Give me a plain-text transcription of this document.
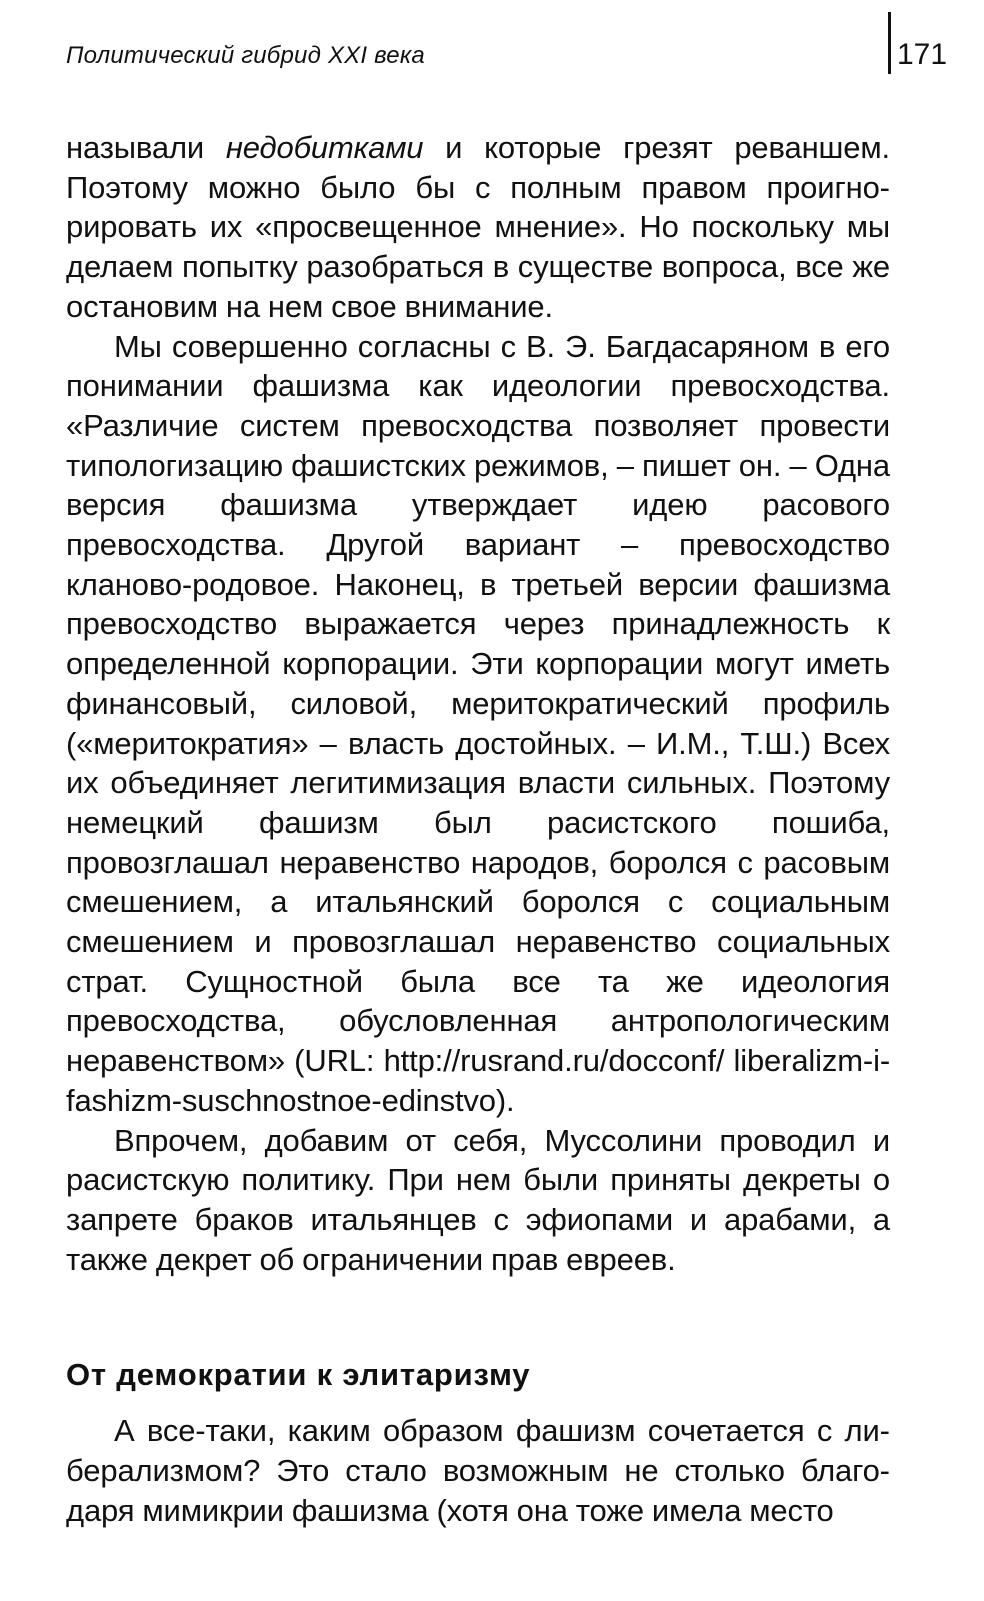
Политический гибрид XXI века	171

называли недобитками и которые грезят реваншем. Поэтому можно было бы с полным правом проигнорировать их «просвещенное мнение». Но поскольку мы делаем попытку разобраться в существе вопроса, все же остановим на нем свое внимание.

Мы совершенно согласны с В. Э. Багдасаряном в его понимании фашизма как идеологии превосходства. «Различие систем превосходства позволяет провести типологизацию фашистских режимов, – пишет он. – Одна версия фашизма утверждает идею расового превосходства. Другой вариант – превосходство кланово-родовое. Наконец, в третьей версии фашизма превосходство выражается через принадлежность к определенной корпорации. Эти корпорации могут иметь финансовый, силовой, меритократический профиль («меритократия» – власть достойных. – И.М., Т.Ш.) Всех их объединяет легитимизация власти сильных. Поэтому немецкий фашизм был расистского пошиба, провозглашал неравенство народов, боролся с расовым смешением, а итальянский боролся с социальным смешением и провозглашал неравенство социальных страт. Сущностной была все та же идеология превосходства, обусловленная антропологическим неравенством» (URL: http://rusrand.ru/docconf/ liberalizm-i-fashizm-suschnostnoe-edinstvo).

Впрочем, добавим от себя, Муссолини проводил и расистскую политику. При нем были приняты декреты о запрете браков итальянцев с эфиопами и арабами, а также декрет об ограничении прав евреев.

От демократии к элитаризму

А все-таки, каким образом фашизм сочетается с либерализмом? Это стало возможным не столько благодаря мимикрии фашизма (хотя она тоже имела место
